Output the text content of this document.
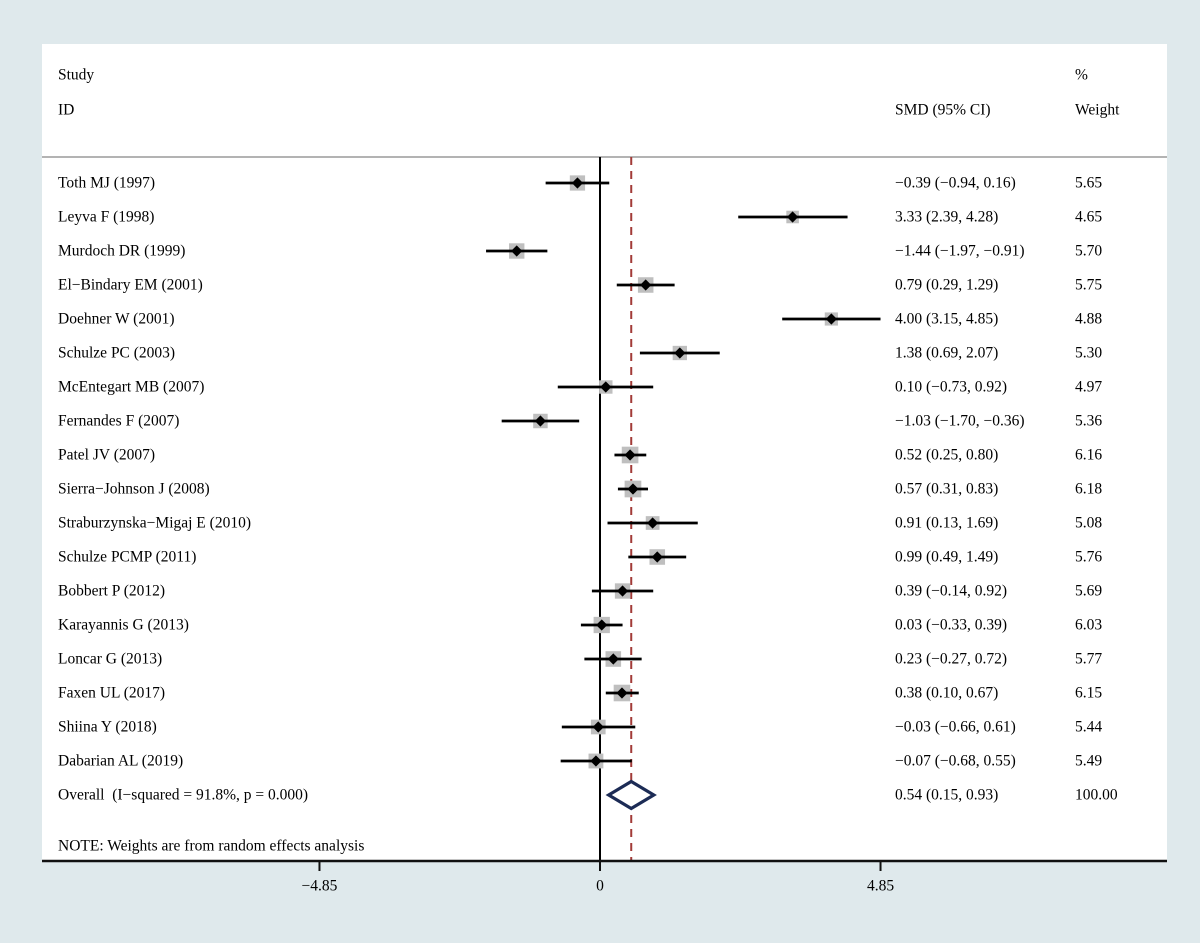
Study
ID	SMD (95% CI)
%
Weight
Overall  (I−squared = 91.8%, p = 0.000)	0.54 (0.15, 0.93)	100.00
NOTE: Weights are from random effects analysis
Toth MJ (1997)	−0.39 (−0.94, 0.16)	5.65
Leyva F (1998)	3.33 (2.39, 4.28)	4.65
Murdoch DR (1999)	−1.44 (−1.97, −0.91)	5.70
El−Bindary EM (2001)	0.79 (0.29, 1.29)	5.75
Doehner W (2001)	4.00 (3.15, 4.85)	4.88
Schulze PC (2003)	1.38 (0.69, 2.07)	5.30
McEntegart MB (2007)	0.10 (−0.73, 0.92)	4.97
Fernandes F (2007)	−1.03 (−1.70, −0.36)	5.36
Patel JV (2007)	0.52 (0.25, 0.80)	6.16
Sierra−Johnson J (2008)	0.57 (0.31, 0.83)	6.18
Straburzynska−Migaj E (2010)	0.91 (0.13, 1.69)	5.08
Schulze PCMP (2011)	0.99 (0.49, 1.49)	5.76
Bobbert P (2012)	0.39 (−0.14, 0.92)	5.69
Karayannis G (2013)	0.03 (−0.33, 0.39)	6.03
Loncar G (2013)	0.23 (−0.27, 0.72)	5.77
Faxen UL (2017)	0.38 (0.10, 0.67)	6.15
Shiina Y (2018)	−0.03 (−0.66, 0.61)	5.44
Dabarian AL (2019)	−0.07 (−0.68, 0.55)	5.49
−4.85	0	4.85
